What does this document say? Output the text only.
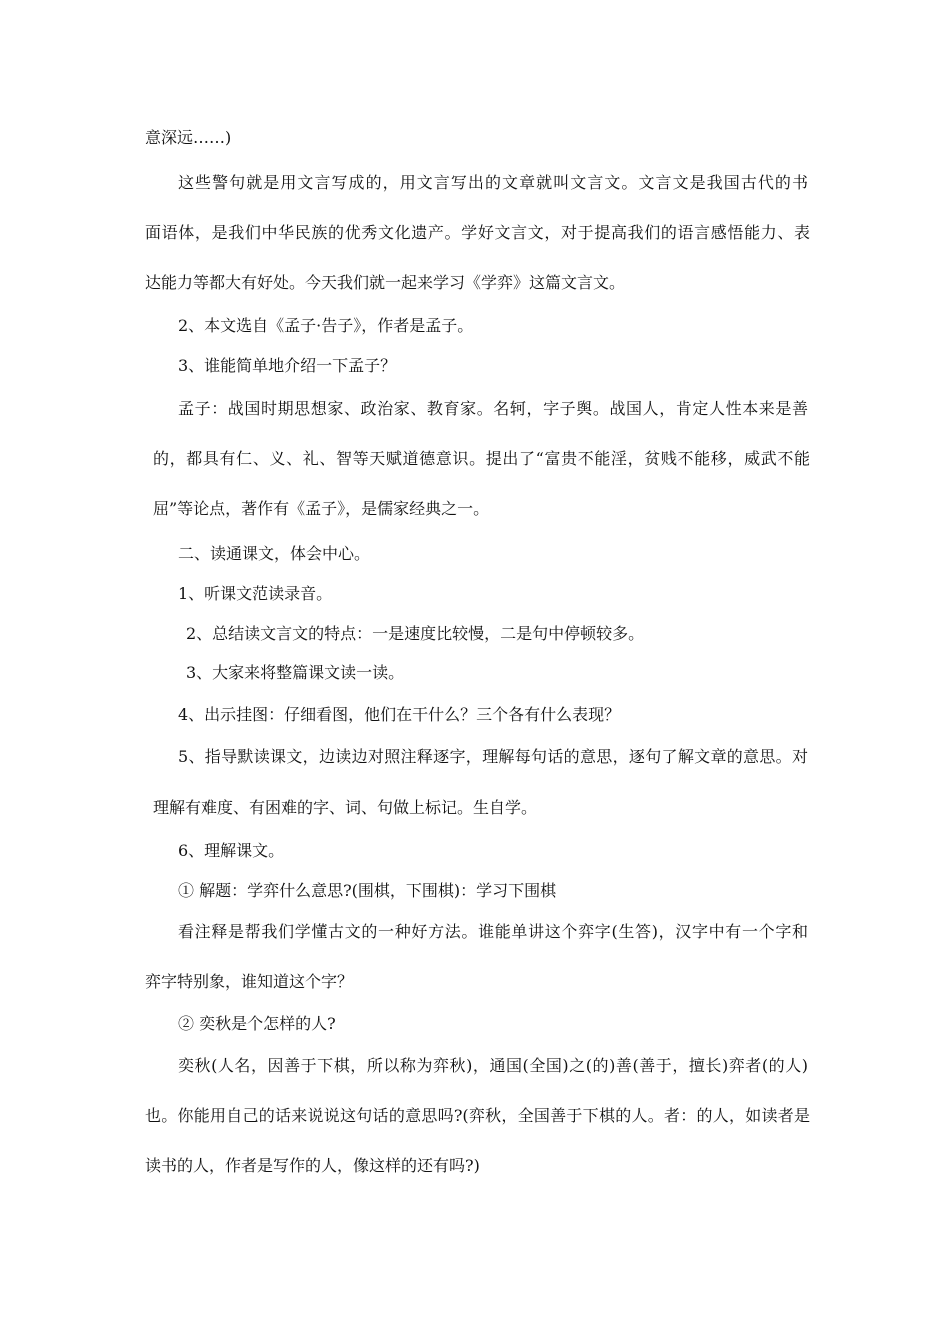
意深远……)
这些警句就是用文言写成的，用文言写出的文章就叫文言文。文言文是我国古代的书
面语体，是我们中华民族的优秀文化遗产。学好文言文，对于提高我们的语言感悟能力、表
达能力等都大有好处。今天我们就一起来学习《学弈》这篇文言文。
2、本文选自《孟子·告子》，作者是孟子。
3、谁能简单地介绍一下孟子？
孟子：战国时期思想家、政治家、教育家。名轲，字子舆。战国人，肯定人性本来是善
的，都具有仁、义、礼、智等天赋道德意识。提出了“富贵不能淫，贫贱不能移，威武不能
屈”等论点，著作有《孟子》，是儒家经典之一。
二、读通课文，体会中心。
1、听课文范读录音。
2、总结读文言文的特点：一是速度比较慢，二是句中停顿较多。
3、大家来将整篇课文读一读。
4、出示挂图：仔细看图，他们在干什么？三个各有什么表现？
5、指导默读课文，边读边对照注释逐字，理解每句话的意思，逐句了解文章的意思。对
理解有难度、有困难的字、词、句做上标记。生自学。
6、理解课文。
① 解题：学弈什么意思?(围棋，下围棋)：学习下围棋
看注释是帮我们学懂古文的一种好方法。谁能单讲这个弈字(生答)，汉字中有一个字和
弈字特别象，谁知道这个字？
② 奕秋是个怎样的人?
奕秋(人名，因善于下棋，所以称为弈秋)，通国(全国)之(的)善(善于，擅长)弈者(的人)
也。你能用自己的话来说说这句话的意思吗?(弈秋，全国善于下棋的人。者：的人，如读者是
读书的人，作者是写作的人，像这样的还有吗?)
